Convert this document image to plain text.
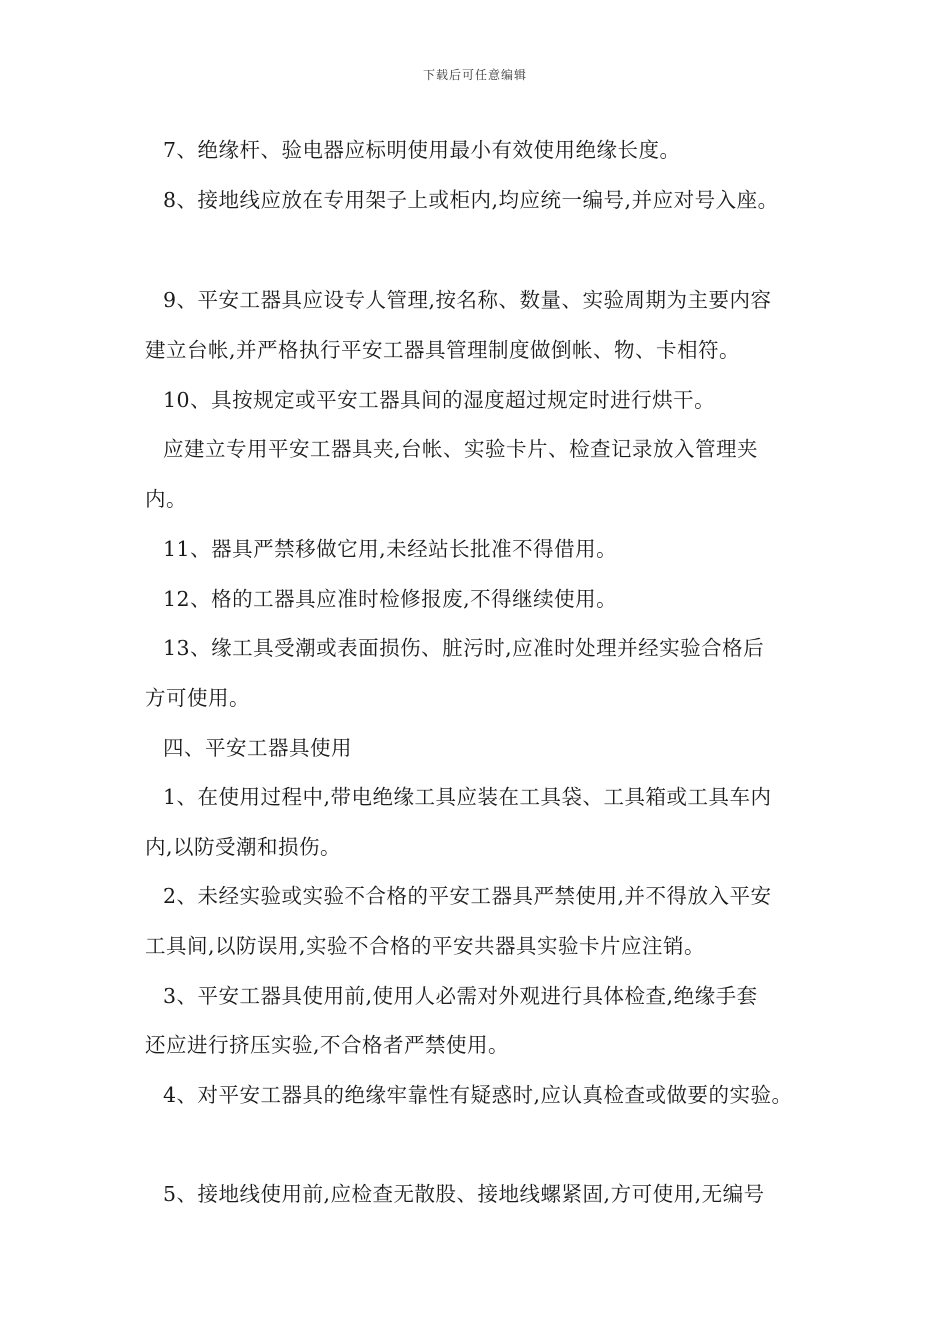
下载后可任意编辑
7、绝缘杆、验电器应标明使用最小有效使用绝缘长度。
8、接地线应放在专用架子上或柜内,均应统一编号,并应对号入座。
9、平安工器具应设专人管理,按名称、数量、实验周期为主要内容
建立台帐,并严格执行平安工器具管理制度做倒帐、物、卡相符。
10、具按规定或平安工器具间的湿度超过规定时进行烘干。
应建立专用平安工器具夹,台帐、实验卡片、检查记录放入管理夹
内。
11、器具严禁移做它用,未经站长批准不得借用。
12、格的工器具应准时检修报废,不得继续使用。
13、缘工具受潮或表面损伤、脏污时,应准时处理并经实验合格后
方可使用。
四、平安工器具使用
1、在使用过程中,带电绝缘工具应装在工具袋、工具箱或工具车内
内,以防受潮和损伤。
2、未经实验或实验不合格的平安工器具严禁使用,并不得放入平安
工具间,以防误用,实验不合格的平安共器具实验卡片应注销。
3、平安工器具使用前,使用人必需对外观进行具体检查,绝缘手套
还应进行挤压实验,不合格者严禁使用。
4、对平安工器具的绝缘牢靠性有疑惑时,应认真检查或做要的实验。
5、接地线使用前,应检查无散股、接地线螺紧固,方可使用,无编号
